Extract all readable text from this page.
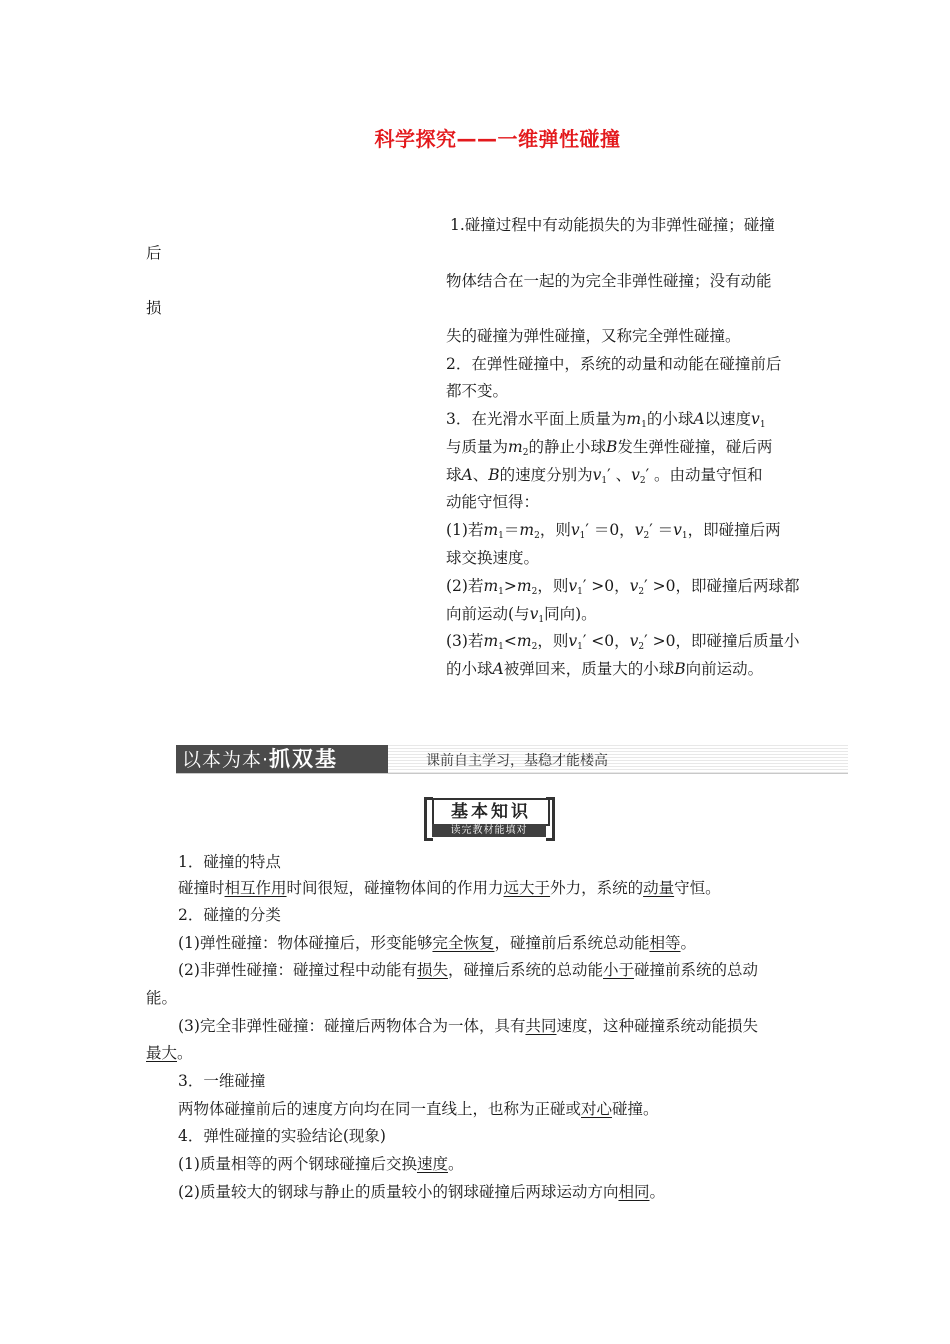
科学探究——一维弹性碰撞
1.碰撞过程中有动能损失的为非弹性碰撞；碰撞
后
物体结合在一起的为完全非弹性碰撞；没有动能
损
失的碰撞为弹性碰撞，又称完全弹性碰撞。
2．在弹性碰撞中，系统的动量和动能在碰撞前后
都不变。
3．在光滑水平面上质量为$m_1$的小球A以速度$v_1$
与质量为$m_2$的静止小球B发生弹性碰撞，碰后两
球A、B的速度分别为$v_1'$ 、$v_2'$ 。由动量守恒和
动能守恒得：
(1)若$m_1=m_2$，则$v_1' =0$，$v_2' =v_1$，即碰撞后两
球交换速度。
(2)若$m_1>m_2$，则$v_1' >0$，$v_2' >0$，即碰撞后两球都
向前运动(与$v_1$同向)。
(3)若$m_1<m_2$，则$v_1' <0$，$v_2' >0$，即碰撞后质量小
的小球A被弹回来，质量大的小球B向前运动。
以本为本·抓双基	课前自主学习，基稳才能楼高
基本知识
读完教材能填对
1．碰撞的特点
碰撞时相互作用时间很短，碰撞物体间的作用力远大于外力，系统的动量守恒。
2．碰撞的分类
(1)弹性碰撞：物体碰撞后，形变能够完全恢复，碰撞前后系统总动能相等。
(2)非弹性碰撞：碰撞过程中动能有损失，碰撞后系统的总动能小于碰撞前系统的总动
能。
(3)完全非弹性碰撞：碰撞后两物体合为一体，具有共同速度，这种碰撞系统动能损失
最大。
3．一维碰撞
两物体碰撞前后的速度方向均在同一直线上，也称为正碰或对心碰撞。
4．弹性碰撞的实验结论(现象)
(1)质量相等的两个钢球碰撞后交换速度。
(2)质量较大的钢球与静止的质量较小的钢球碰撞后两球运动方向相同。
